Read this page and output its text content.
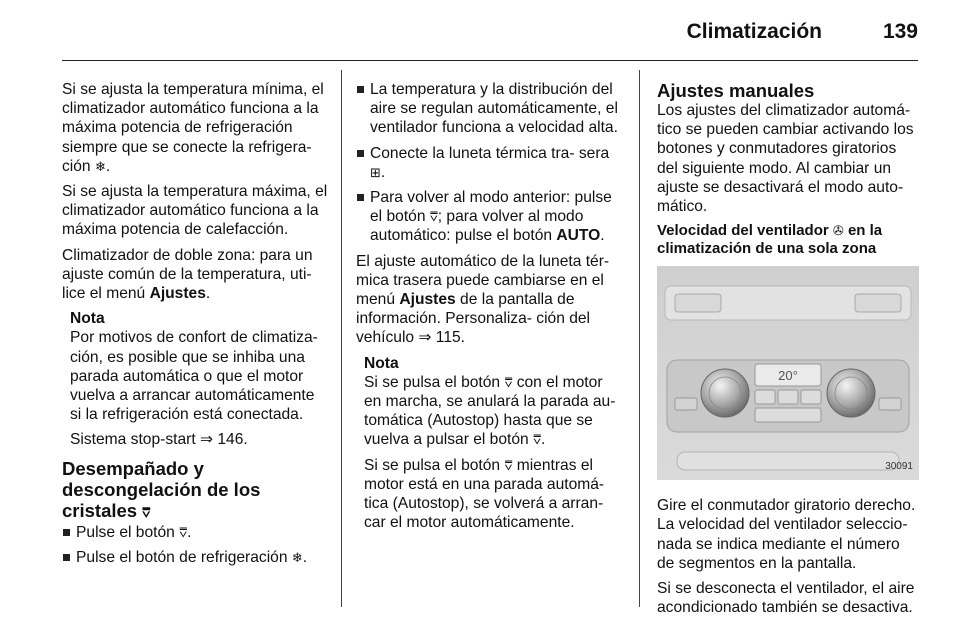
Climatización	139

Si se ajusta la temperatura mínima, el climatizador automático funciona a la máxima potencia de refrigeración siempre que se conecte la refrigera- ción ❄.

Si se ajusta la temperatura máxima, el climatizador automático funciona a la máxima potencia de calefacción.

Climatizador de doble zona: para un ajuste común de la temperatura, uti- lice el menú Ajustes.

Nota

Por motivos de confort de climatiza- ción, es posible que se inhiba una parada automática o que el motor vuelva a arrancar automáticamente si la refrigeración está conectada.

Sistema stop-start ⇒ 146.

Desempañado y
descongelación de los
cristales ⩢
Pulse el botón ⩢.
Pulse el botón de refrigeración ❄.
La temperatura y la distribución del aire se regulan automáticamente, el ventilador funciona a velocidad alta.
Conecte la luneta térmica tra- sera ⊞.
Para volver al modo anterior: pulse el botón ⩢; para volver al modo automático: pulse el botón AUTO.

El ajuste automático de la luneta tér- mica trasera puede cambiarse en el menú Ajustes de la pantalla de información. Personaliza- ción del vehículo ⇒ 115.

Nota

Si se pulsa el botón ⩢ con el motor en marcha, se anulará la parada au- tomática (Autostop) hasta que se vuelva a pulsar el botón ⩢.

Si se pulsa el botón ⩢ mientras el motor está en una parada automá- tica (Autostop), se volverá a arran- car el motor automáticamente.

Ajustes manuales

Los ajustes del climatizador automá- tico se pueden cambiar activando los botones y conmutadores giratorios del siguiente modo. Al cambiar un ajuste se desactivará el modo auto- mático.

Velocidad del ventilador ✇ en la climatización de una sola zona
20°
30091

Gire el conmutador giratorio derecho. La velocidad del ventilador seleccio- nada se indica mediante el número de segmentos en la pantalla.

Si se desconecta el ventilador, el aire acondicionado también se desactiva.
